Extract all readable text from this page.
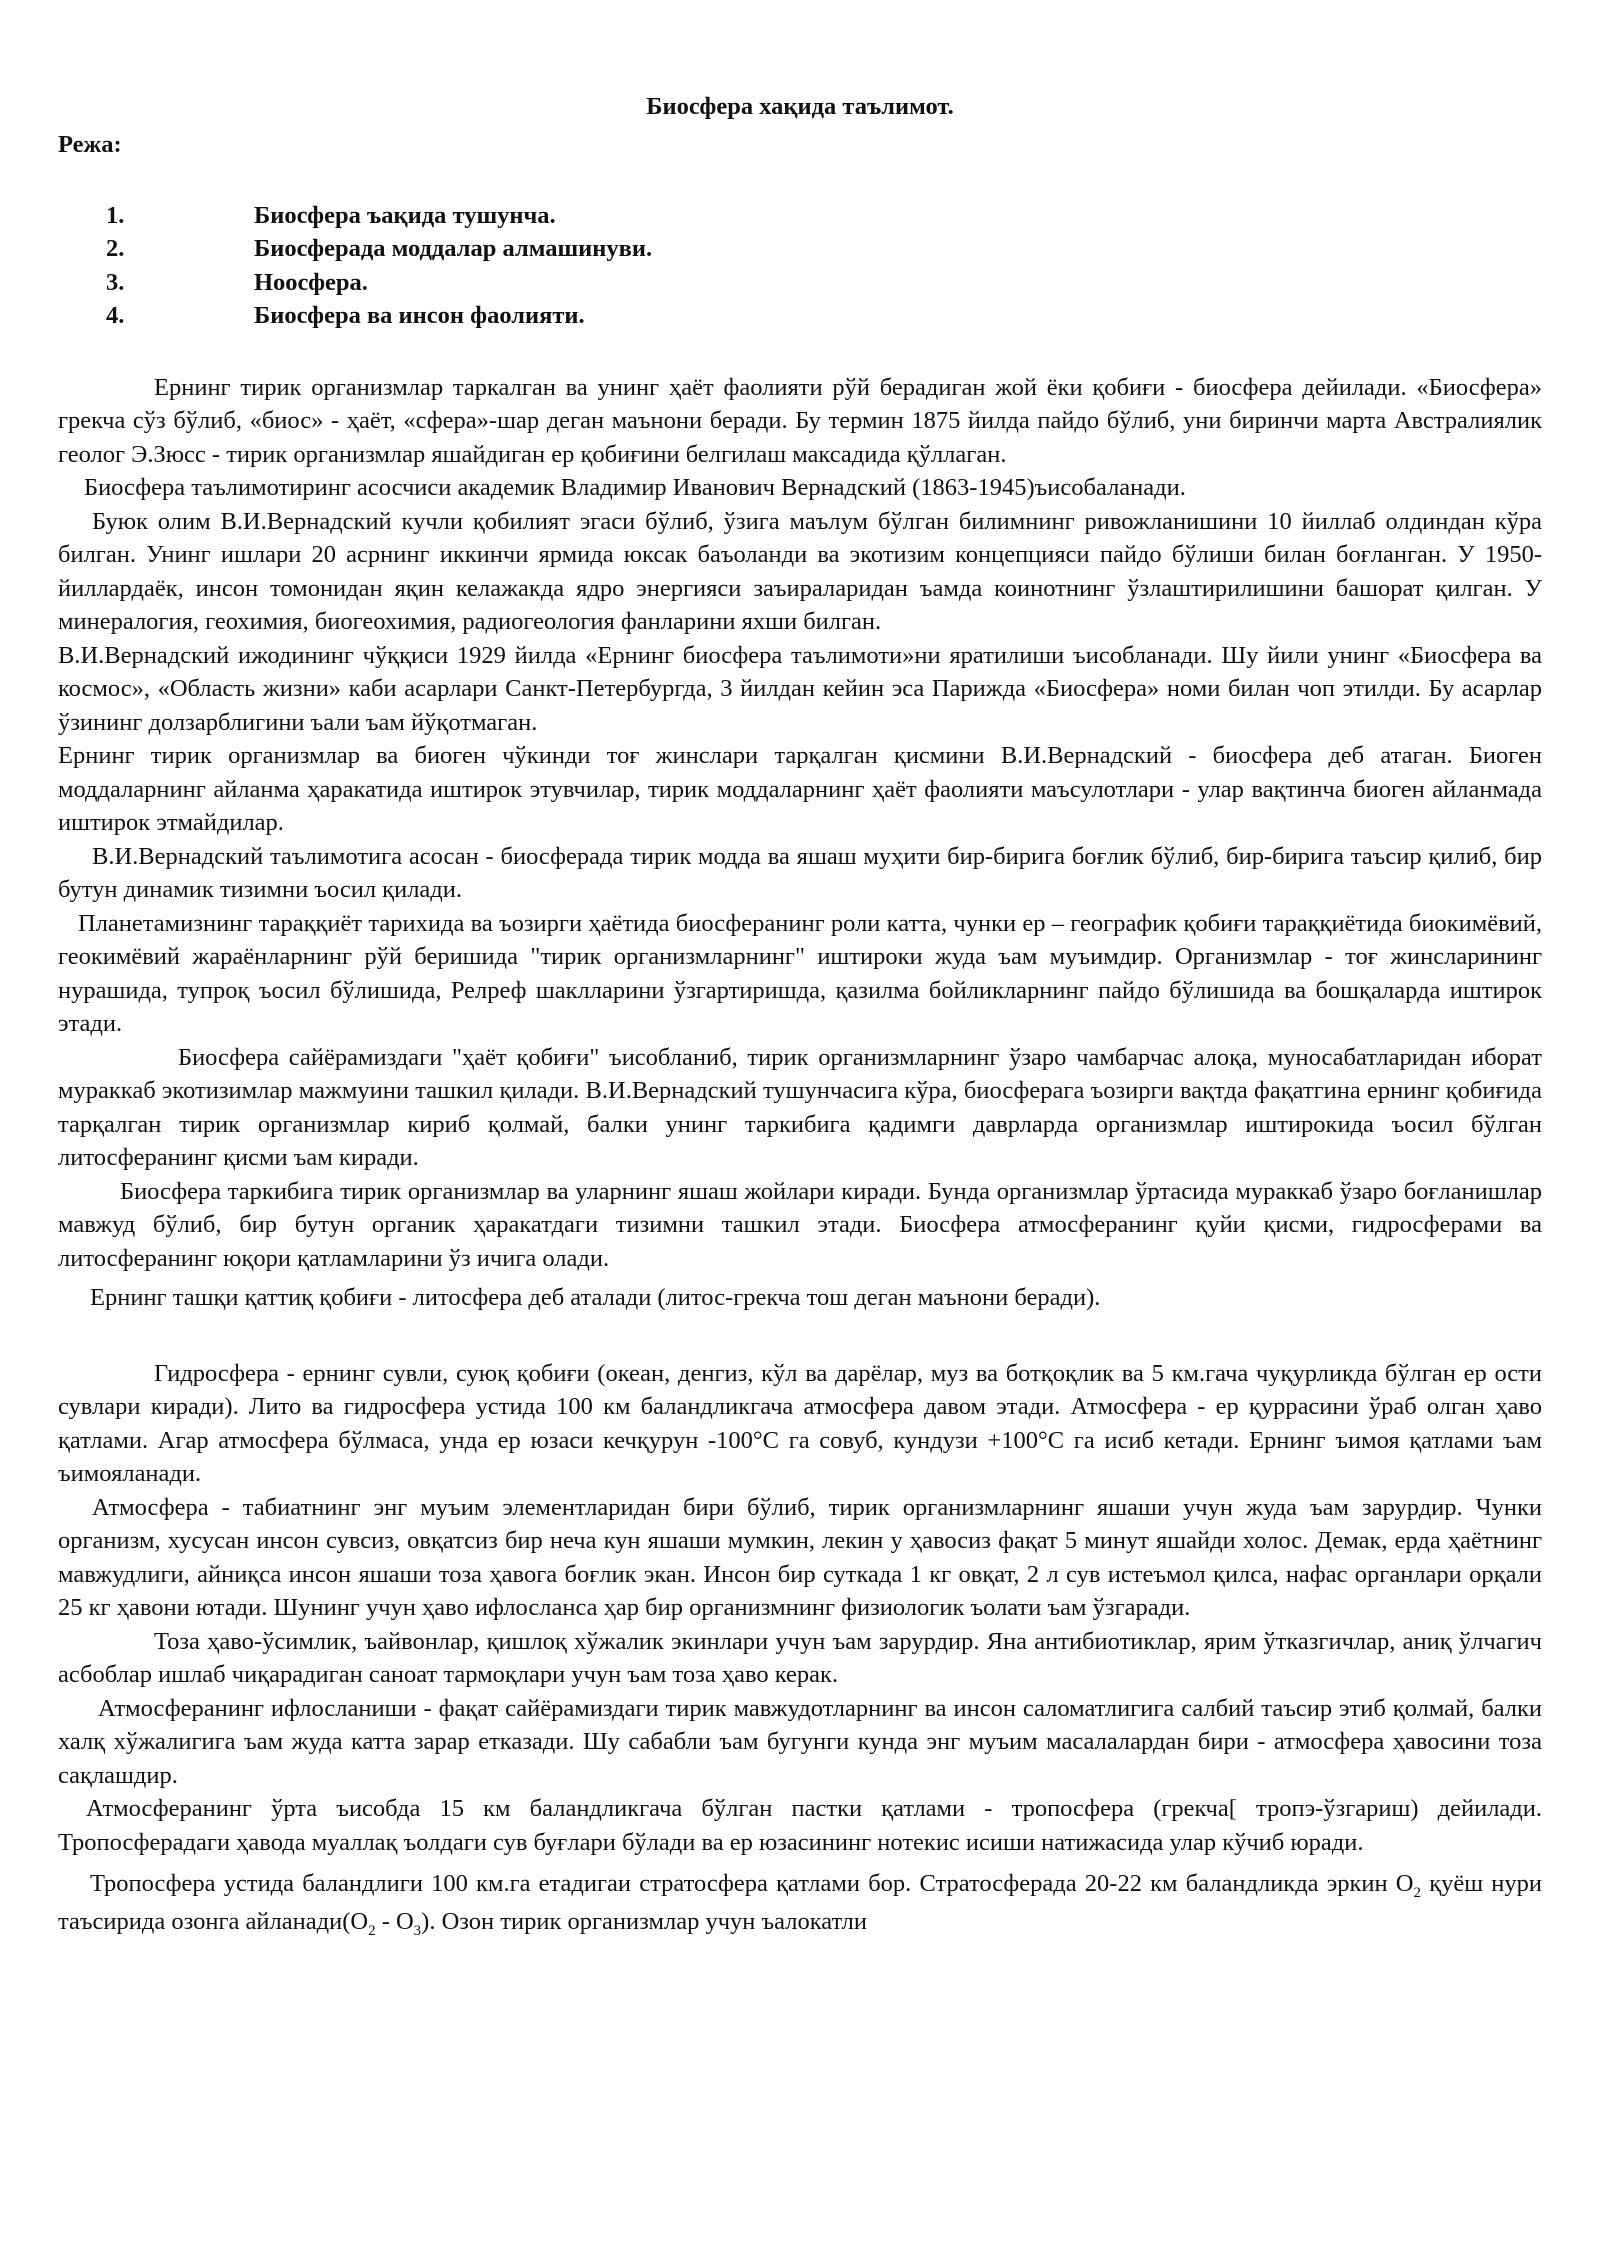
Биосфера хақида таълимот.

Режа:

1.	Биосфера ъақида тушунча.
2.	Биосферада моддалар алмашинуви.
3.	Ноосфера.
4.	Биосфера ва инсон фаолияти.

Ернинг тирик организмлар таркалган ва унинг ҳаёт фаолияти рўй берадиган жой ёки қобиғи - биосфера дейилади. «Биосфера» грекча сўз бўлиб, «биос» - ҳаёт, «сфера»-шар деган маънони беради. Бу термин 1875 йилда пайдо бўлиб, уни биринчи марта Австралиялик геолог Э.Зюсс - тирик организмлар яшайдиган ер қобиғини белгилаш максадида қўллаган.

Биосфера таълимотиринг асосчиси академик Владимир Иванович Вернадский (1863-1945)ъисобаланади.

Буюк олим В.И.Вернадский кучли қобилият эгаси бўлиб, ўзига маълум бўлган билимнинг ривожланишини 10 йиллаб олдиндан кўра билган. Унинг ишлари 20 асрнинг иккинчи ярмида юксак баъоланди ва экотизим концепцияси пайдо бўлиши билан боғланган. У 1950-йиллардаёк, инсон томонидан яқин келажакда ядро энергияси заъираларидан ъамда коинотнинг ўзлаштирилишини башорат қилган. У минералогия, геохимия, биогеохимия, радиогеология фанларини яхши билган.

В.И.Вернадский ижодининг чўққиси 1929 йилда «Ернинг биосфера таълимоти»ни яратилиши ъисобланади. Шу йили унинг «Биосфера ва космос», «Область жизни» каби асарлари Санкт-Петербургда, 3 йилдан кейин эса Парижда «Биосфера» номи билан чоп этилди. Бу асарлар ўзининг долзарблигини ъали ъам йўқотмаган.

Ернинг тирик организмлар ва биоген чўкинди тоғ жинслари тарқалган қисмини В.И.Вернадский - биосфера деб атаган. Биоген моддаларнинг айланма ҳаракатида иштирок этувчилар, тирик моддаларнинг ҳаёт фаолияти маъсулотлари - улар вақтинча биоген айланмада иштирок этмайдилар.

В.И.Вернадский таълимотига асосан - биосферада тирик модда ва яшаш муҳити бир-бирига боғлик бўлиб, бир-бирига таъсир қилиб, бир бутун динамик тизимни ъосил қилади.

Планетамизнинг тараққиёт тарихида ва ъозирги ҳаётида биосферанинг роли катта, чунки ер – географик қобиғи тараққиётида биокимёвий, геокимёвий жараёнларнинг рўй беришида "тирик организмларнинг" иштироки жуда ъам муъимдир. Организмлар - тоғ жинсларининг нурашида, тупроқ ъосил бўлишида, Релреф шаклларини ўзгартиришда, қазилма бойликларнинг пайдо бўлишида ва бошқаларда иштирок этади.

Биосфера сайёрамиздаги "ҳаёт қобиғи" ъисобланиб, тирик организмларнинг ўзаро чамбарчас алоқа, муносабатларидан иборат мураккаб экотизимлар мажмуини ташкил қилади. В.И.Вернадский тушунчасига кўра, биосферага ъозирги вақтда фақатгина ернинг қобиғида тарқалган тирик организмлар кириб қолмай, балки унинг таркибига қадимги даврларда организмлар иштирокида ъосил бўлган литосферанинг қисми ъам киради.

Биосфера таркибига тирик организмлар ва уларнинг яшаш жойлари киради. Бунда организмлар ўртасида мураккаб ўзаро боғланишлар мавжуд бўлиб, бир бутун органик ҳаракатдаги тизимни ташкил этади. Биосфера атмосферанинг қуйи қисми, гидросферами ва литосферанинг юқори қатламларини ўз ичига олади.

Ернинг ташқи қаттиқ қобиғи - литосфера деб аталади (литос-грекча тош деган маънони беради).

Гидросфера - ернинг сувли, суюқ қобиғи (океан, денгиз, кўл ва дарёлар, муз ва ботқоқлик ва 5 км.гача чуқурликда бўлган ер ости сувлари киради). Лито ва гидросфера устида 100 км баландликгача атмосфера давом этади. Атмосфера - ер қуррасини ўраб олган ҳаво қатлами. Агар атмосфера бўлмаса, унда ер юзаси кечқурун -100°С га совуб, кундузи +100°С га исиб кетади. Ернинг ъимоя қатлами ъам ъимояланади.

Атмосфера - табиатнинг энг муъим элементларидан бири бўлиб, тирик организмларнинг яшаши учун жуда ъам зарурдир. Чунки организм, хусусан инсон сувсиз, овқатсиз бир неча кун яшаши мумкин, лекин у ҳавосиз фақат 5 минут яшайди холос. Демак, ерда ҳаётнинг мавжудлиги, айниқса инсон яшаши тоза ҳавога боғлик экан. Инсон бир суткада 1 кг овқат, 2 л сув истеъмол қилса, нафас органлари орқали 25 кг ҳавони ютади. Шунинг учун ҳаво ифлосланса ҳар бир организмнинг физиологик ъолати ъам ўзгаради.

Тоза ҳаво-ўсимлик, ъайвонлар, қишлоқ хўжалик экинлари учун ъам зарурдир. Яна антибиотиклар, ярим ўтказгичлар, аниқ ўлчагич асбоблар ишлаб чиқарадиган саноат тармоқлари учун ъам тоза ҳаво керак.

Атмосферанинг ифлосланиши - фақат сайёрамиздаги тирик мавжудотларнинг ва инсон саломатлигига салбий таъсир этиб қолмай, балки халқ хўжалигига ъам жуда катта зарар етказади. Шу сабабли ъам бугунги кунда энг муъим масалалардан бири - атмосфера ҳавосини тоза сақлашдир.

Атмосферанинг ўрта ъисобда 15 км баландликгача бўлган пастки қатлами - тропосфера (грекча[ тропэ-ўзгариш) дейилади. Тропосферадаги ҳавода муаллақ ъолдаги сув буғлари бўлади ва ер юзасининг нотекис исиши натижасида улар кўчиб юради.

Тропосфера устида баландлиги 100 км.га етадигаи стратосфера қатлами бор. Стратосферада 20-22 км баландликда эркин $О_2$ қуёш нури таъсирида озонга $айланади(О_2 - О_3)$. Озон тирик организмлар учун ъалокатли
